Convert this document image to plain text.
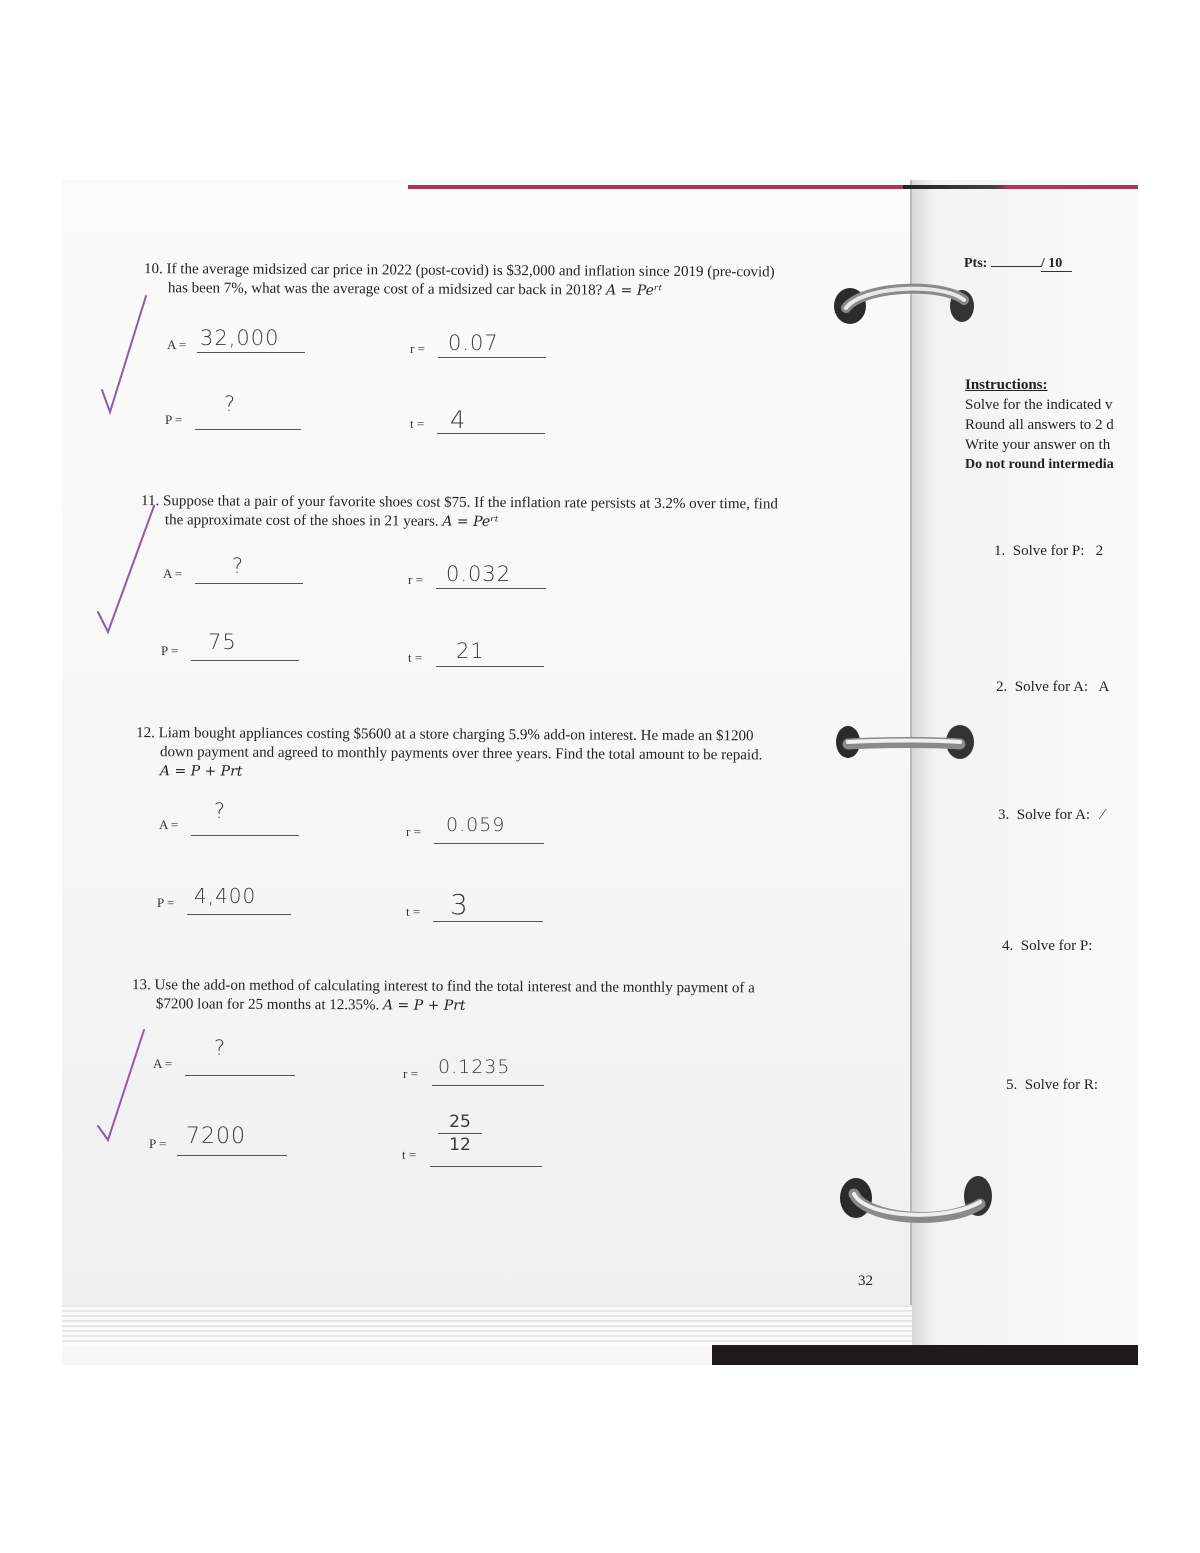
10. If the average midsized car price in 2022 (post-covid) is $32,000 and inflation since 2019 (pre-covid)
has been 7%, what was the average cost of a midsized car back in 2018? A = Peʳᵗ
A = 32,000	r = 0.07
P =
?
t = 4
11. Suppose that a pair of your favorite shoes cost $75. If the inflation rate persists at 3.2% over time, find
the approximate cost of the shoes in 21 years. A = Peʳᵗ
A = ?
r = 0.032
P = 75
t = 21
12. Liam bought appliances costing $5600 at a store charging 5.9% add-on interest. He made an $1200
down payment and agreed to monthly payments over three years. Find the total amount to be repaid.
A = P + Prt
A =
?
r = 0.059
P = 4,400
t = 3
13. Use the add-on method of calculating interest to find the total interest and the monthly payment of a
$7200 loan for 25 months at 12.35%. A = P + Prt
A =
?
r = 0.1235
P = 7200
t =
25
12
32
Pts:	/ 10
Instructions:
Solve for the indicated v
Round all answers to 2 d
Write your answer on th
Do not round intermedia
1. Solve for P: 2
2. Solve for A: A
3. Solve for A: ∕
4. Solve for P:
5. Solve for R:
